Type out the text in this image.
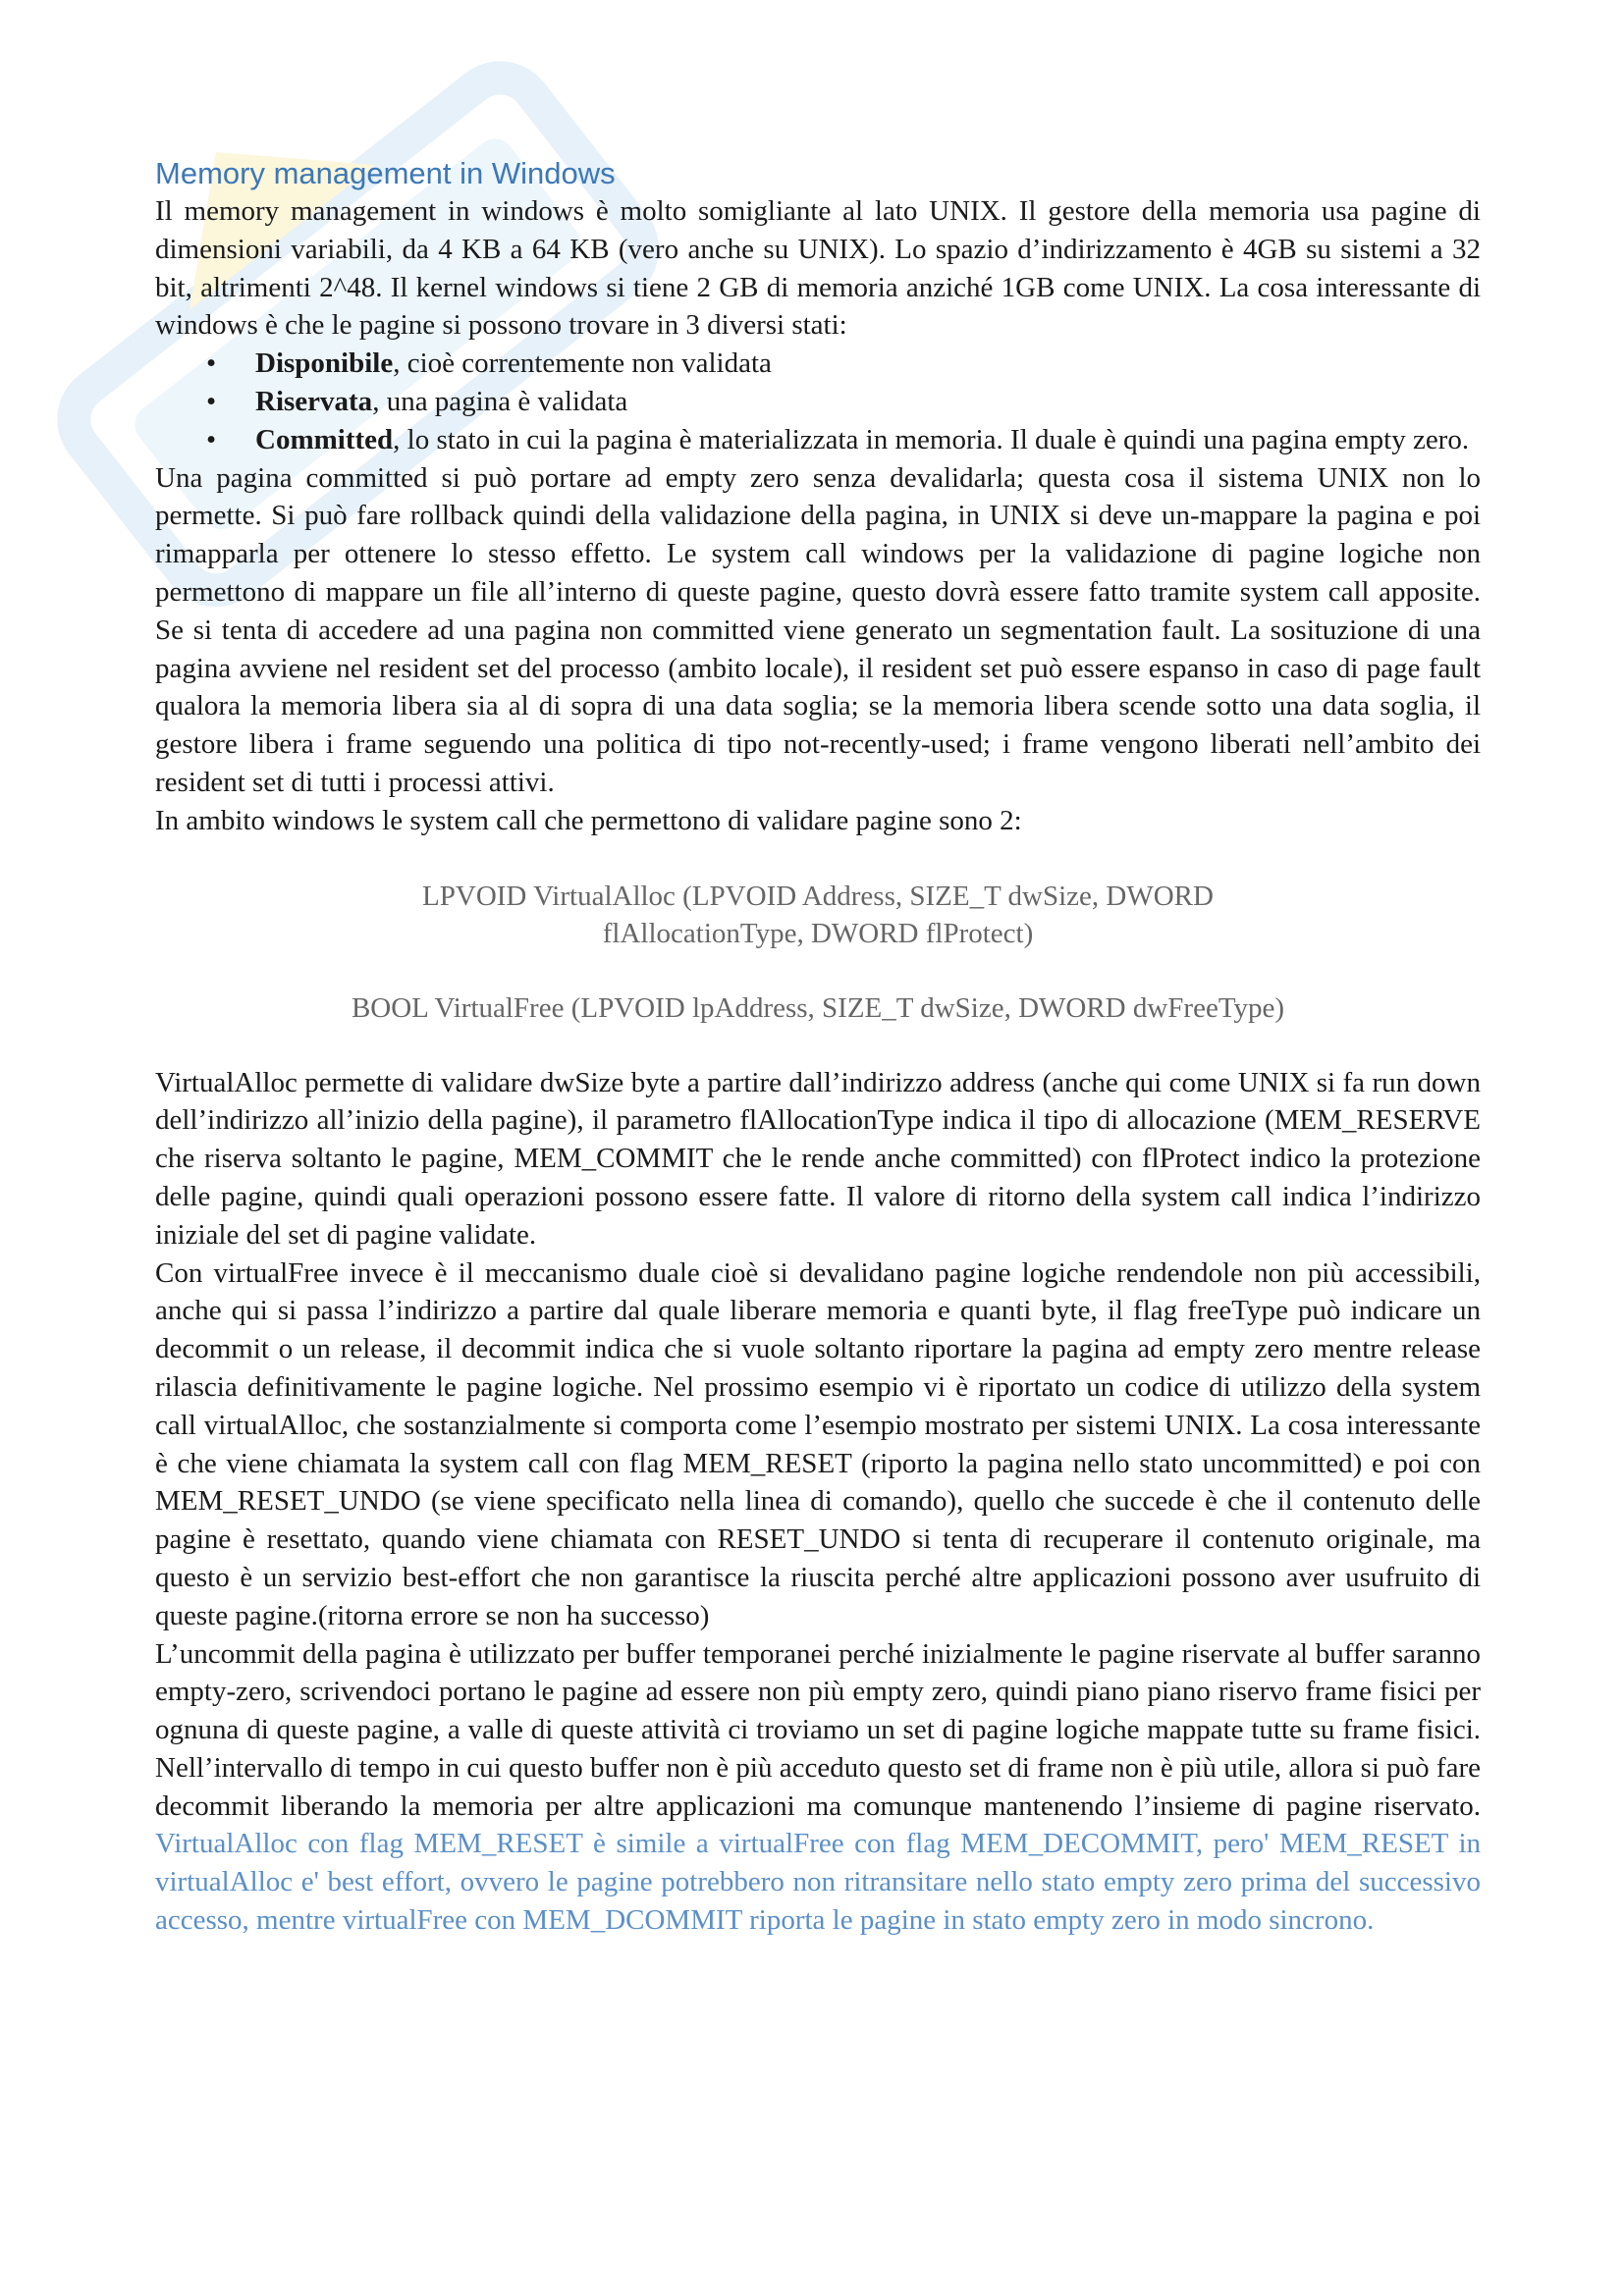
Memory management in Windows

Il memory management in windows è molto somigliante al lato UNIX. Il gestore della memoria usa pagine di dimensioni variabili, da 4 KB a 64 KB (vero anche su UNIX). Lo spazio d’indirizzamento è 4GB su sistemi a 32 bit, altrimenti 2^48. Il kernel windows si tiene 2 GB di memoria anziché 1GB come UNIX. La cosa interessante di windows è che le pagine si possono trovare in 3 diversi stati:

• Disponibile, cioè correntemente non validata
• Riservata, una pagina è validata
• Committed, lo stato in cui la pagina è materializzata in memoria. Il duale è quindi una pagina empty zero.

Una pagina committed si può portare ad empty zero senza devalidarla; questa cosa il sistema UNIX non lo permette. Si può fare rollback quindi della validazione della pagina, in UNIX si deve un-mappare la pagina e poi rimapparla per ottenere lo stesso effetto. Le system call windows per la validazione di pagine logiche non permettono di mappare un file all’interno di queste pagine, questo dovrà essere fatto tramite system call apposite. Se si tenta di accedere ad una pagina non committed viene generato un segmentation fault. La sosituzione di una pagina avviene nel resident set del processo (ambito locale), il resident set può essere espanso in caso di page fault qualora la memoria libera sia al di sopra di una data soglia; se la memoria libera scende sotto una data soglia, il gestore libera i frame seguendo una politica di tipo not-recently-used; i frame vengono liberati nell’ambito dei resident set di tutti i processi attivi.

In ambito windows le system call che permettono di validare pagine sono 2:

LPVOID VirtualAlloc (LPVOID Address, SIZE_T dwSize, DWORD flAllocationType, DWORD flProtect)

BOOL VirtualFree (LPVOID lpAddress, SIZE_T dwSize, DWORD dwFreeType)

VirtualAlloc permette di validare dwSize byte a partire dall’indirizzo address (anche qui come UNIX si fa run down dell’indirizzo all’inizio della pagine), il parametro flAllocationType indica il tipo di allocazione (MEM_RESERVE che riserva soltanto le pagine, MEM_COMMIT che le rende anche committed) con flProtect indico la protezione delle pagine, quindi quali operazioni possono essere fatte. Il valore di ritorno della system call indica l’indirizzo iniziale del set di pagine validate.

Con virtualFree invece è il meccanismo duale cioè si devalidano pagine logiche rendendole non più accessibili, anche qui si passa l’indirizzo a partire dal quale liberare memoria e quanti byte, il flag freeType può indicare un decommit o un release, il decommit indica che si vuole soltanto riportare la pagina ad empty zero mentre release rilascia definitivamente le pagine logiche. Nel prossimo esempio vi è riportato un codice di utilizzo della system call virtualAlloc, che sostanzialmente si comporta come l’esempio mostrato per sistemi UNIX. La cosa interessante è che viene chiamata la system call con flag MEM_RESET (riporto la pagina nello stato uncommitted) e poi con MEM_RESET_UNDO (se viene specificato nella linea di comando), quello che succede è che il contenuto delle pagine è resettato, quando viene chiamata con RESET_UNDO si tenta di recuperare il contenuto originale, ma questo è un servizio best-effort che non garantisce la riuscita perché altre applicazioni possono aver usufruito di queste pagine.(ritorna errore se non ha successo)

L’uncommit della pagina è utilizzato per buffer temporanei perché inizialmente le pagine riservate al buffer saranno empty-zero, scrivendoci portano le pagine ad essere non più empty zero, quindi piano piano riservo frame fisici per ognuna di queste pagine, a valle di queste attività ci troviamo un set di pagine logiche mappate tutte su frame fisici. Nell’intervallo di tempo in cui questo buffer non è più acceduto questo set di frame non è più utile, allora si può fare decommit liberando la memoria per altre applicazioni ma comunque mantenendo l’insieme di pagine riservato. VirtualAlloc con flag MEM_RESET è simile a virtualFree con flag MEM_DECOMMIT, pero' MEM_RESET in virtualAlloc e' best effort, ovvero le pagine potrebbero non ritransitare nello stato empty zero prima del successivo accesso, mentre virtualFree con MEM_DCOMMIT riporta le pagine in stato empty zero in modo sincrono.
